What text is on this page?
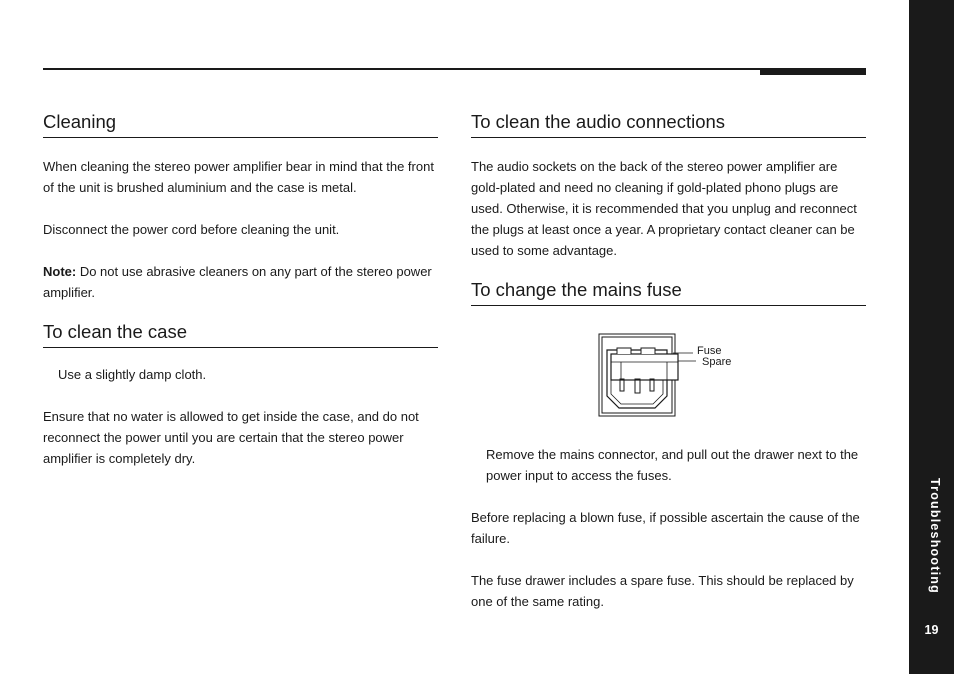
Cleaning

When cleaning the stereo power amplifier bear in mind that the front of the unit is brushed aluminium and the case is metal.

Disconnect the power cord before cleaning the unit.

Note: Do not use abrasive cleaners on any part of the stereo power amplifier.

To clean the case

Use a slightly damp cloth.

Ensure that no water is allowed to get inside the case, and do not reconnect the power until you are certain that the stereo power amplifier is completely dry.

To clean the audio connections

The audio sockets on the back of the stereo power amplifier are gold-plated and need no cleaning if gold-plated phono plugs are used. Otherwise, it is recommended that you unplug and reconnect the plugs at least once a year. A proprietary contact cleaner can be used to some advantage.

To change the mains fuse
Fuse
Spare

Remove the mains connector, and pull out the drawer next to the power input to access the fuses.

Before replacing a blown fuse, if possible ascertain the cause of the failure.

The fuse drawer includes a spare fuse. This should be replaced by one of the same rating.

Troubleshooting
19
